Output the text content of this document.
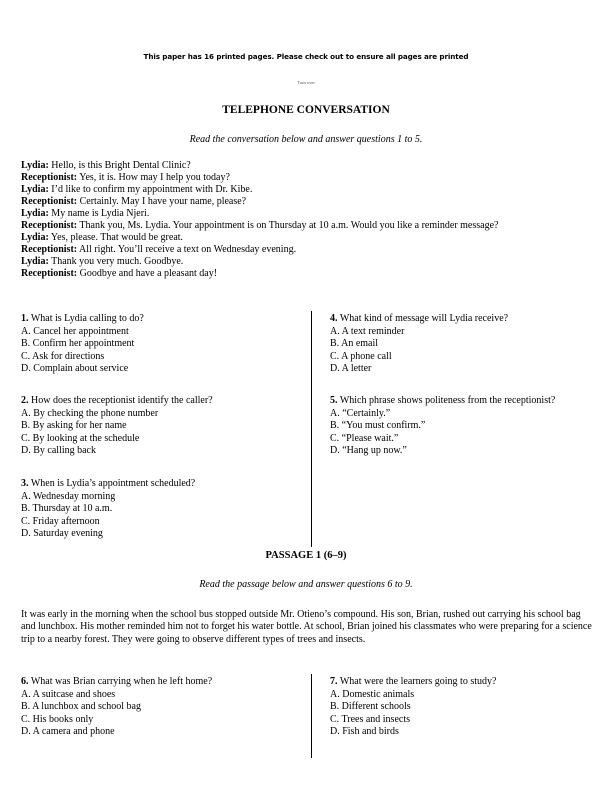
This paper has 16 printed pages. Please check out to ensure all pages are printed
Turn over
TELEPHONE CONVERSATION
Read the conversation below and answer questions 1 to 5.
Lydia: Hello, is this Bright Dental Clinic?
Receptionist: Yes, it is. How may I help you today?
Lydia: I’d like to confirm my appointment with Dr. Kibe.
Receptionist: Certainly. May I have your name, please?
Lydia: My name is Lydia Njeri.
Receptionist: Thank you, Ms. Lydia. Your appointment is on Thursday at 10 a.m. Would you like a reminder message?
Lydia: Yes, please. That would be great.
Receptionist: All right. You’ll receive a text on Wednesday evening.
Lydia: Thank you very much. Goodbye.
Receptionist: Goodbye and have a pleasant day!
1. What is Lydia calling to do?
A. Cancel her appointment
B. Confirm her appointment
C. Ask for directions
D. Complain about service
2. How does the receptionist identify the caller?
A. By checking the phone number
B. By asking for her name
C. By looking at the schedule
D. By calling back
3. When is Lydia’s appointment scheduled?
A. Wednesday morning
B. Thursday at 10 a.m.
C. Friday afternoon
D. Saturday evening
4. What kind of message will Lydia receive?
A. A text reminder
B. An email
C. A phone call
D. A letter
5. Which phrase shows politeness from the receptionist?
A. “Certainly.”
B. “You must confirm.”
C. “Please wait.”
D. “Hang up now.”
PASSAGE 1 (6–9)
Read the passage below and answer questions 6 to 9.
It was early in the morning when the school bus stopped outside Mr. Otieno’s compound. His son, Brian, rushed out carrying his school bag and lunchbox. His mother reminded him not to forget his water bottle. At school, Brian joined his classmates who were preparing for a science trip to a nearby forest. They were going to observe different types of trees and insects.
6. What was Brian carrying when he left home?
A. A suitcase and shoes
B. A lunchbox and school bag
C. His books only
D. A camera and phone
7. What were the learners going to study?
A. Domestic animals
B. Different schools
C. Trees and insects
D. Fish and birds
